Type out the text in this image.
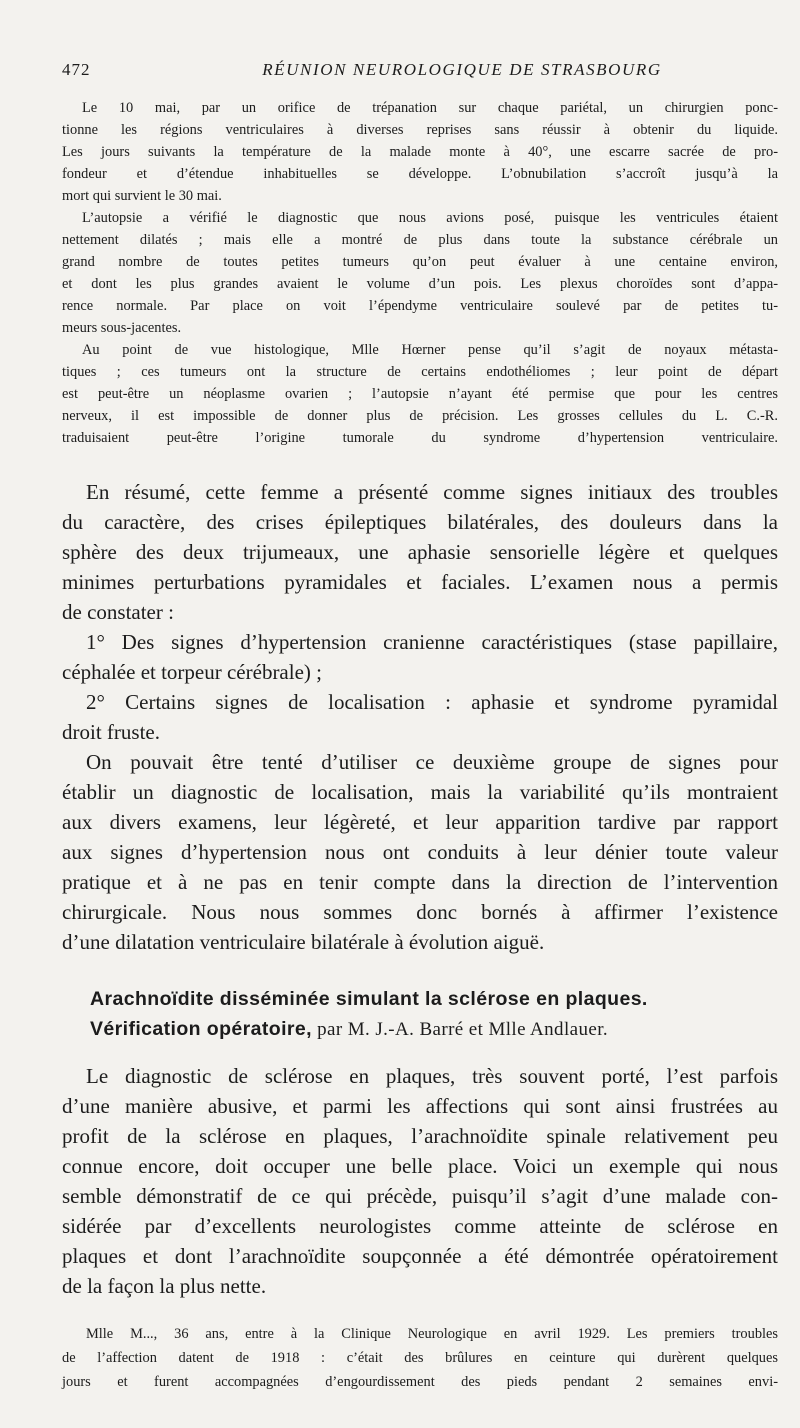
472	RÉUNION NEUROLOGIQUE DE STRASBOURG
Le 10 mai, par un orifice de trépanation sur chaque pariétal, un chirurgien ponc-
tionne les régions ventriculaires à diverses reprises sans réussir à obtenir du liquide.
Les jours suivants la température de la malade monte à 40°, une escarre sacrée de pro-
fondeur et d’étendue inhabituelles se développe. L’obnubilation s’accroît jusqu’à la
mort qui survient le 30 mai.
L’autopsie a vérifié le diagnostic que nous avions posé, puisque les ventricules étaient
nettement dilatés ; mais elle a montré de plus dans toute la substance cérébrale un
grand nombre de toutes petites tumeurs qu’on peut évaluer à une centaine environ,
et dont les plus grandes avaient le volume d’un pois. Les plexus choroïdes sont d’appa-
rence normale. Par place on voit l’épendyme ventriculaire soulevé par de petites tu-
meurs sous-jacentes.
Au point de vue histologique, Mlle Hœrner pense qu’il s’agit de noyaux métasta-
tiques ; ces tumeurs ont la structure de certains endothéliomes ; leur point de départ
est peut-être un néoplasme ovarien ; l’autopsie n’ayant été permise que pour les centres
nerveux, il est impossible de donner plus de précision. Les grosses cellules du L. C.-R.
traduisaient peut-être l’origine tumorale du syndrome d’hypertension ventriculaire.
En résumé, cette femme a présenté comme signes initiaux des troubles
du caractère, des crises épileptiques bilatérales, des douleurs dans la
sphère des deux trijumeaux, une aphasie sensorielle légère et quelques
minimes perturbations pyramidales et faciales. L’examen nous a permis
de constater :
1° Des signes d’hypertension cranienne caractéristiques (stase papillaire,
céphalée et torpeur cérébrale) ;
2° Certains signes de localisation : aphasie et syndrome pyramidal
droit fruste.
On pouvait être tenté d’utiliser ce deuxième groupe de signes pour
établir un diagnostic de localisation, mais la variabilité qu’ils montraient
aux divers examens, leur légèreté, et leur apparition tardive par rapport
aux signes d’hypertension nous ont conduits à leur dénier toute valeur
pratique et à ne pas en tenir compte dans la direction de l’intervention
chirurgicale. Nous nous sommes donc bornés à affirmer l’existence
d’une dilatation ventriculaire bilatérale à évolution aiguë.
Arachnoïdite disséminée simulant la sclérose en plaques.
Vérification opératoire, par M. J.-A. Barré et Mlle Andlauer.
Le diagnostic de sclérose en plaques, très souvent porté, l’est parfois
d’une manière abusive, et parmi les affections qui sont ainsi frustrées au
profit de la sclérose en plaques, l’arachnoïdite spinale relativement peu
connue encore, doit occuper une belle place. Voici un exemple qui nous
semble démonstratif de ce qui précède, puisqu’il s’agit d’une malade con-
sidérée par d’excellents neurologistes comme atteinte de sclérose en
plaques et dont l’arachnoïdite soupçonnée a été démontrée opératoirement
de la façon la plus nette.
Mlle M..., 36 ans, entre à la Clinique Neurologique en avril 1929. Les premiers troubles
de l’affection datent de 1918 : c’était des brûlures en ceinture qui durèrent quelques
jours et furent accompagnées d’engourdissement des pieds pendant 2 semaines envi-
